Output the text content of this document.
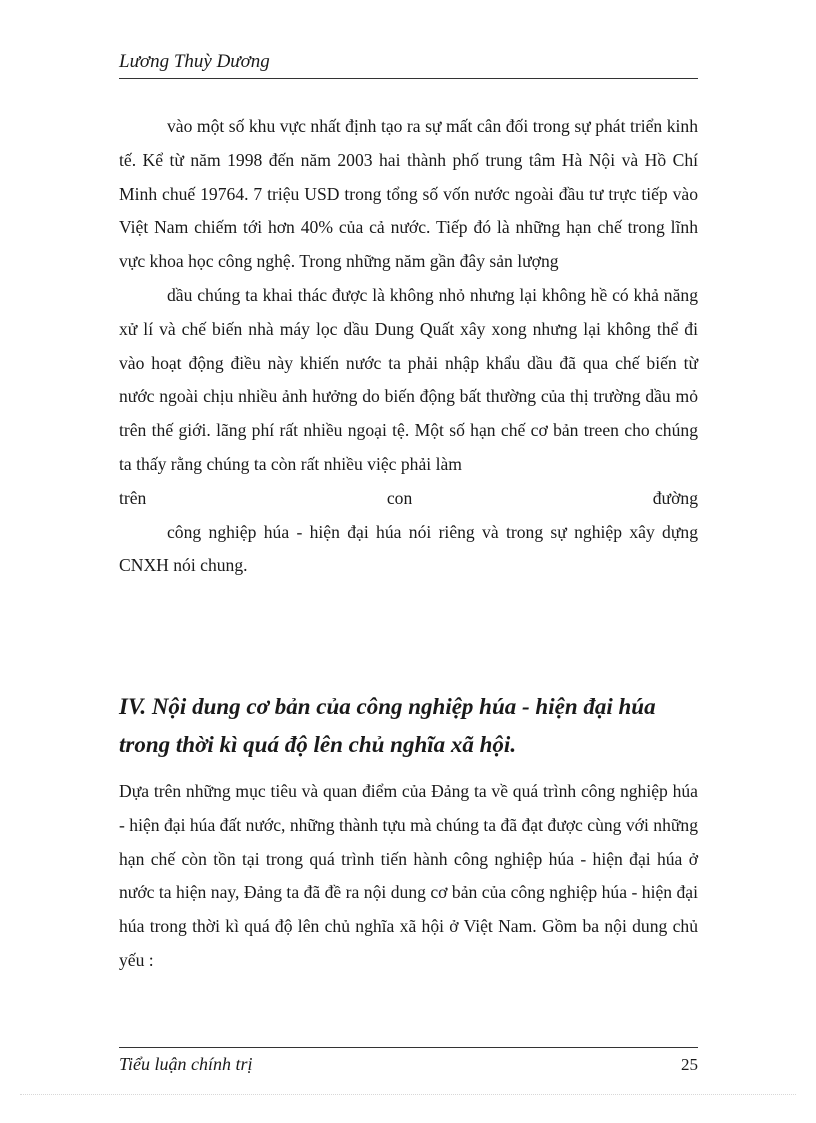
Lương Thuỳ Dương

vào một số khu vực nhất định tạo ra sự mất cân đối trong sự phát triển kinh tế. Kể từ năm 1998 đến năm 2003 hai thành phố trung tâm Hà Nội và Hồ Chí Minh chuế 19764. 7 triệu USD trong tổng số vốn nước ngoài đầu tư trực tiếp vào Việt Nam chiếm tới hơn 40% của cả nước. Tiếp đó là những hạn chế trong lĩnh vực khoa học công nghệ. Trong những năm gần đây sản lượng

dầu chúng ta khai thác được là không nhỏ nhưng lại không hề có khả năng xử lí và chế biến nhà máy lọc dầu Dung Quất xây xong nhưng lại không thể đi vào hoạt động điều này khiến nước ta phải nhập khẩu dầu đã qua chế biến từ nước ngoài chịu nhiều ảnh hưởng do biến động bất thường của thị trường dầu mỏ trên thế giới. lãng phí rất nhiều ngoại tệ. Một số hạn chế cơ bản treen cho chúng ta thấy rằng chúng ta còn rất nhiều việc phải làm

trên con đường

công nghiệp húa - hiện đại húa nói riêng và trong sự nghiệp xây dựng CNXH nói chung.

IV. Nội dung cơ bản của công nghiệp húa - hiện đại húa trong thời kì quá độ lên chủ nghĩa xã hội.

Dựa trên những mục tiêu và quan điểm của Đảng ta về quá trình công nghiệp húa - hiện đại húa đất nước, những thành tựu mà chúng ta đã đạt được cùng với những hạn chế còn tồn tại trong quá trình tiến hành công nghiệp húa - hiện đại húa ở nước ta hiện nay, Đảng ta đã đề ra nội dung cơ bản của công nghiệp húa - hiện đại húa trong thời kì quá độ lên chủ nghĩa xã hội ở Việt Nam. Gồm ba nội dung chủ yếu :

Tiểu luận chính trị	25
